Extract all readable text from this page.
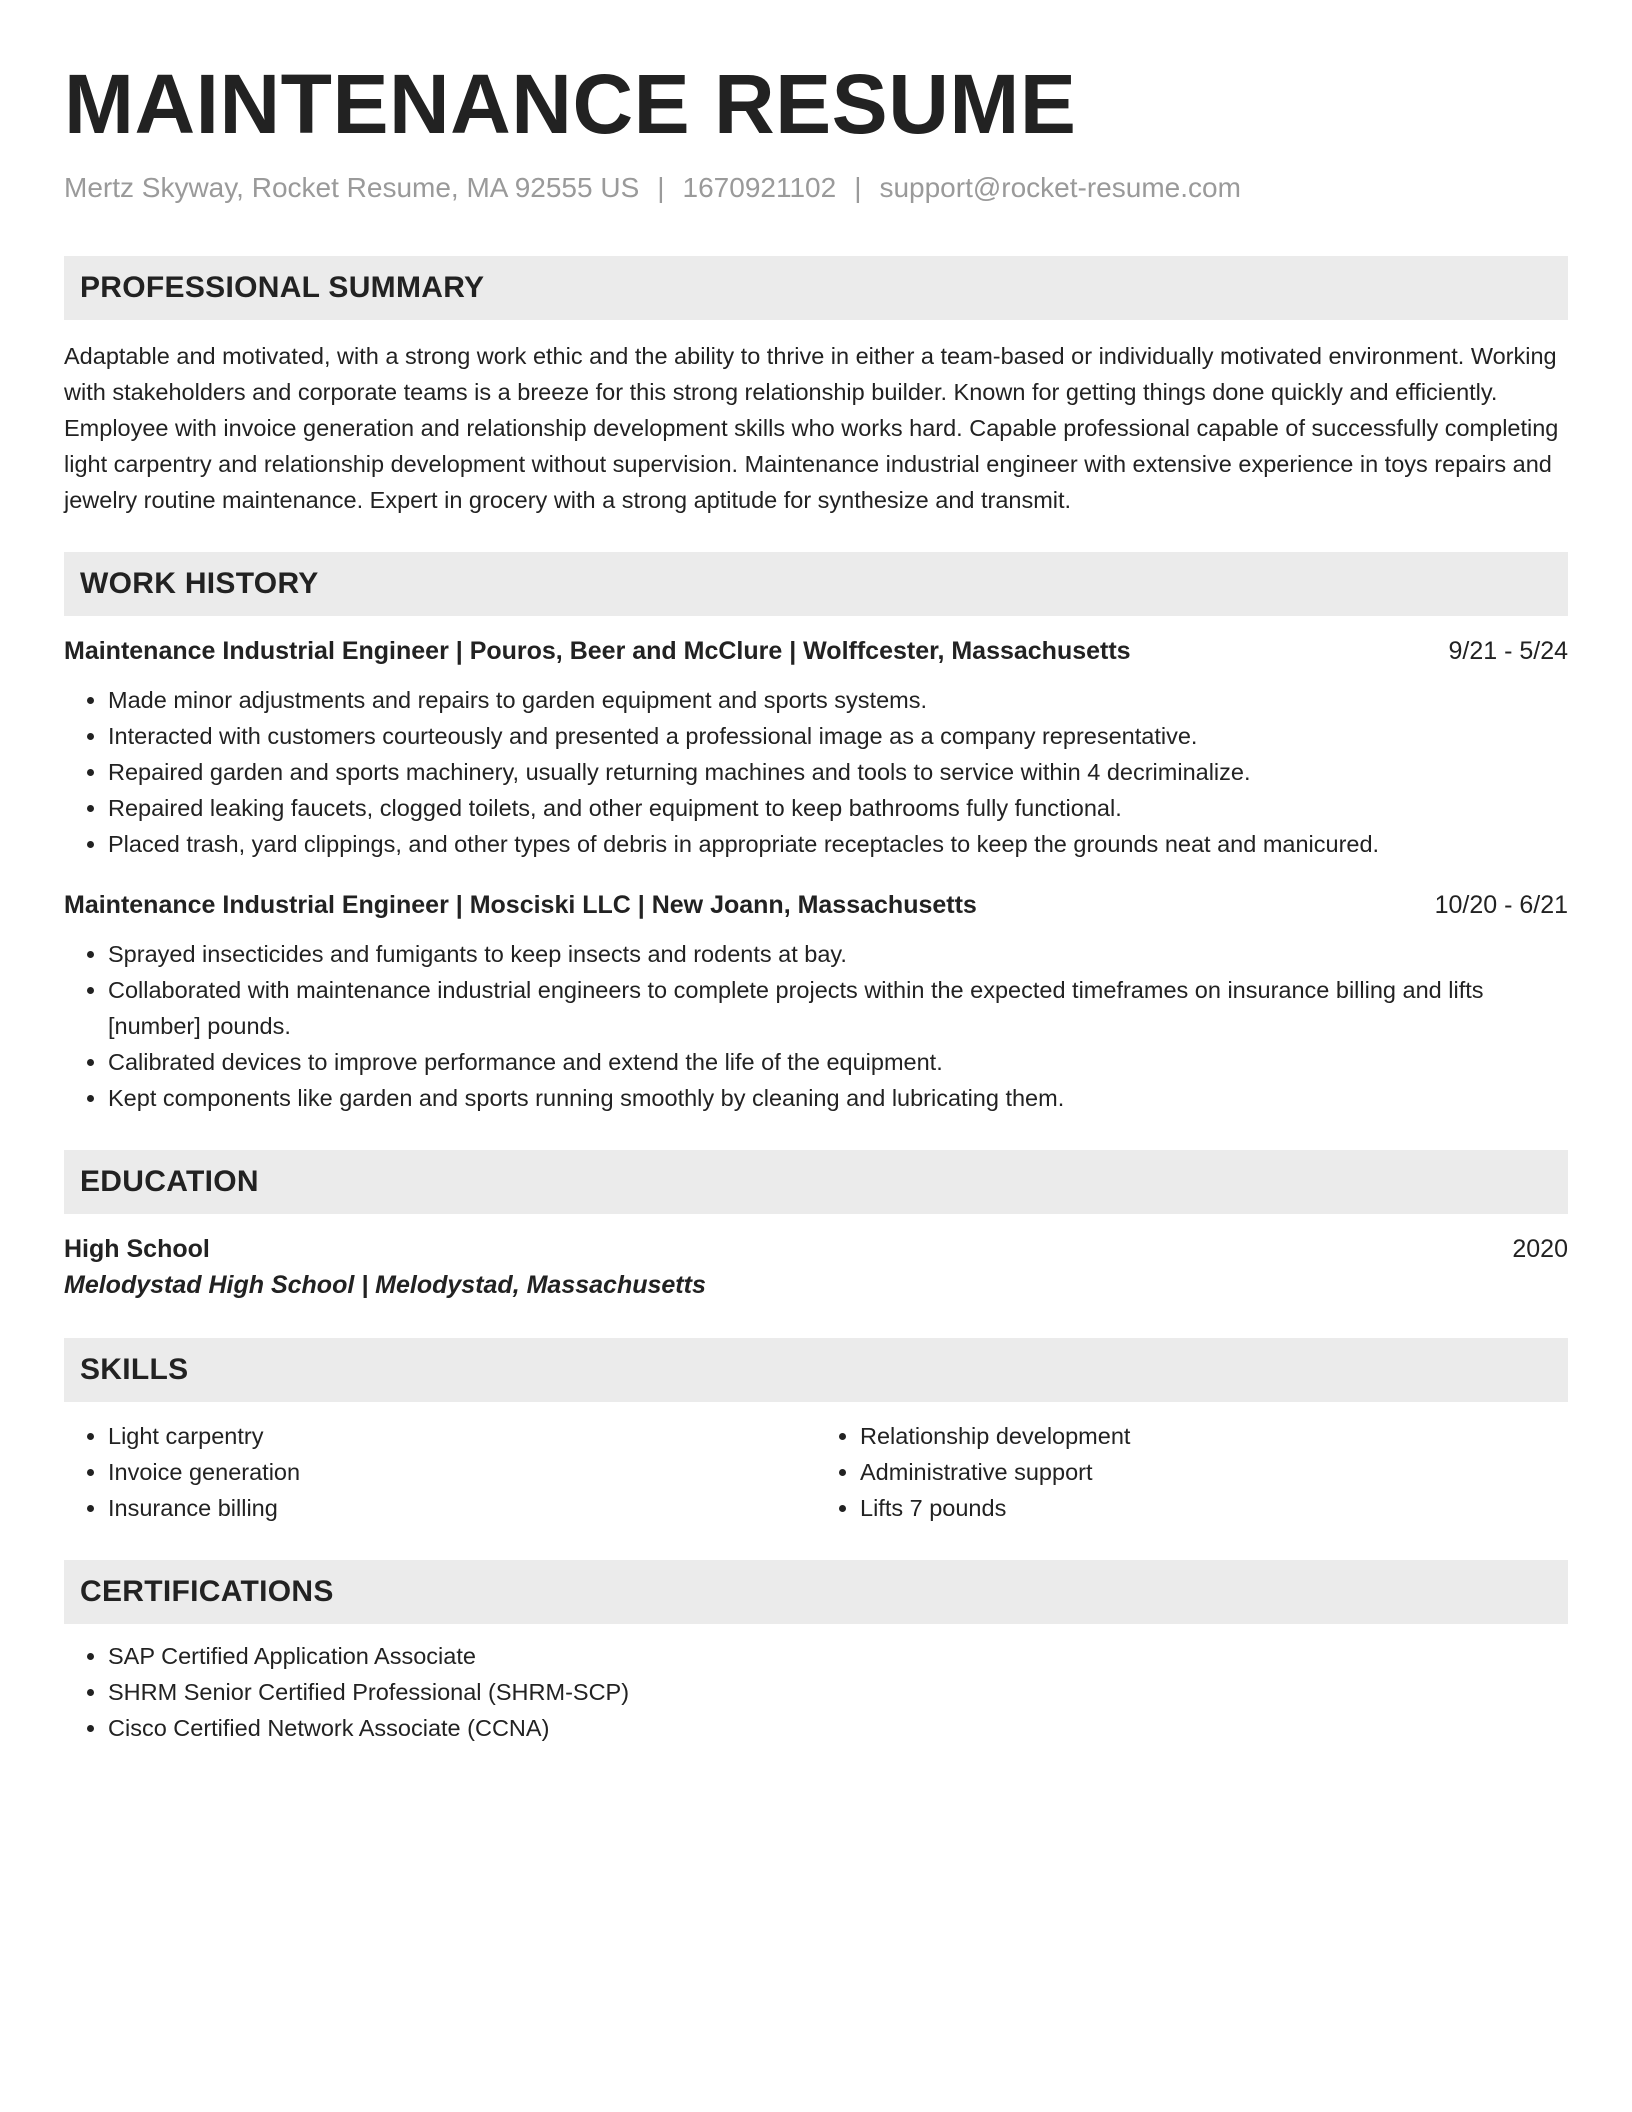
MAINTENANCE RESUME
Mertz Skyway, Rocket Resume, MA 92555 US | 1670921102 | support@rocket-resume.com
PROFESSIONAL SUMMARY
Adaptable and motivated, with a strong work ethic and the ability to thrive in either a team-based or individually motivated environment. Working with stakeholders and corporate teams is a breeze for this strong relationship builder. Known for getting things done quickly and efficiently. Employee with invoice generation and relationship development skills who works hard. Capable professional capable of successfully completing light carpentry and relationship development without supervision. Maintenance industrial engineer with extensive experience in toys repairs and jewelry routine maintenance. Expert in grocery with a strong aptitude for synthesize and transmit.
WORK HISTORY
Maintenance Industrial Engineer | Pouros, Beer and McClure | Wolffcester, Massachusetts	9/21 - 5/24
• Made minor adjustments and repairs to garden equipment and sports systems.
• Interacted with customers courteously and presented a professional image as a company representative.
• Repaired garden and sports machinery, usually returning machines and tools to service within 4 decriminalize.
• Repaired leaking faucets, clogged toilets, and other equipment to keep bathrooms fully functional.
• Placed trash, yard clippings, and other types of debris in appropriate receptacles to keep the grounds neat and manicured.
Maintenance Industrial Engineer | Mosciski LLC | New Joann, Massachusetts	10/20 - 6/21
• Sprayed insecticides and fumigants to keep insects and rodents at bay.
• Collaborated with maintenance industrial engineers to complete projects within the expected timeframes on insurance billing and lifts [number] pounds.
• Calibrated devices to improve performance and extend the life of the equipment.
• Kept components like garden and sports running smoothly by cleaning and lubricating them.
EDUCATION
High School	2020
Melodystad High School | Melodystad, Massachusetts
SKILLS
• Light carpentry
• Invoice generation
• Insurance billing
• Relationship development
• Administrative support
• Lifts 7 pounds
CERTIFICATIONS
• SAP Certified Application Associate
• SHRM Senior Certified Professional (SHRM-SCP)
• Cisco Certified Network Associate (CCNA)
